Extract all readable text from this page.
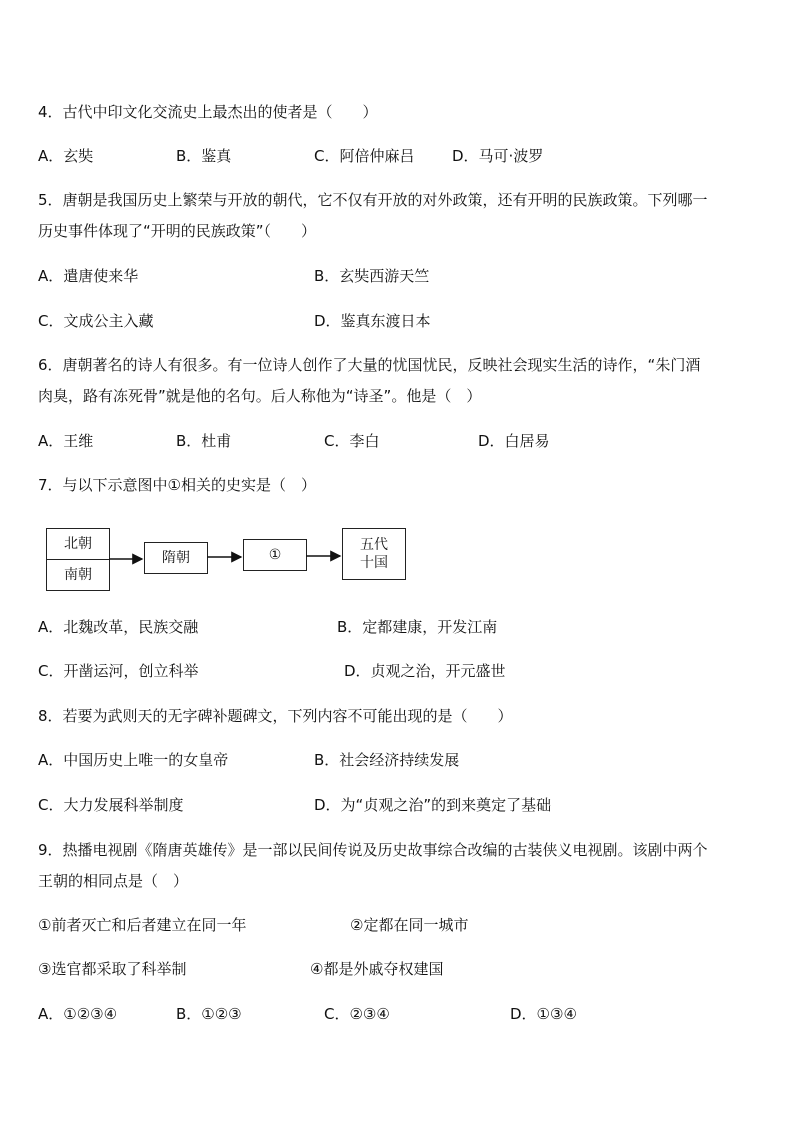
4．古代中印文化交流史上最杰出的使者是（　　）
A．玄奘	B．鉴真	C．阿倍仲麻吕	D．马可·波罗
5．唐朝是我国历史上繁荣与开放的朝代，它不仅有开放的对外政策，还有开明的民族政策。下列哪一
历史事件体现了“开明的民族政策”（　　）
A．遣唐使来华	B．玄奘西游天竺
C．文成公主入藏	D．鉴真东渡日本
6．唐朝著名的诗人有很多。有一位诗人创作了大量的忧国忧民，反映社会现实生活的诗作，“朱门酒
肉臭，路有冻死骨”就是他的名句。后人称他为“诗圣”。他是（　）
A．王维	B．杜甫	C．李白	D．白居易
7．与以下示意图中①相关的史实是（　）
北朝
南朝
隋朝	①
五代
十国
A．北魏改革，民族交融	B．定都建康，开发江南
C．开凿运河，创立科举	D．贞观之治，开元盛世
8．若要为武则天的无字碑补题碑文，下列内容不可能出现的是（　　）
A．中国历史上唯一的女皇帝	B．社会经济持续发展
C．大力发展科举制度	D．为“贞观之治”的到来奠定了基础
9．热播电视剧《隋唐英雄传》是一部以民间传说及历史故事综合改编的古装侠义电视剧。该剧中两个
王朝的相同点是（　）
①前者灭亡和后者建立在同一年	②定都在同一城市
③选官都采取了科举制	④都是外戚夺权建国
A．①②③④	B．①②③	C．②③④	D．①③④
